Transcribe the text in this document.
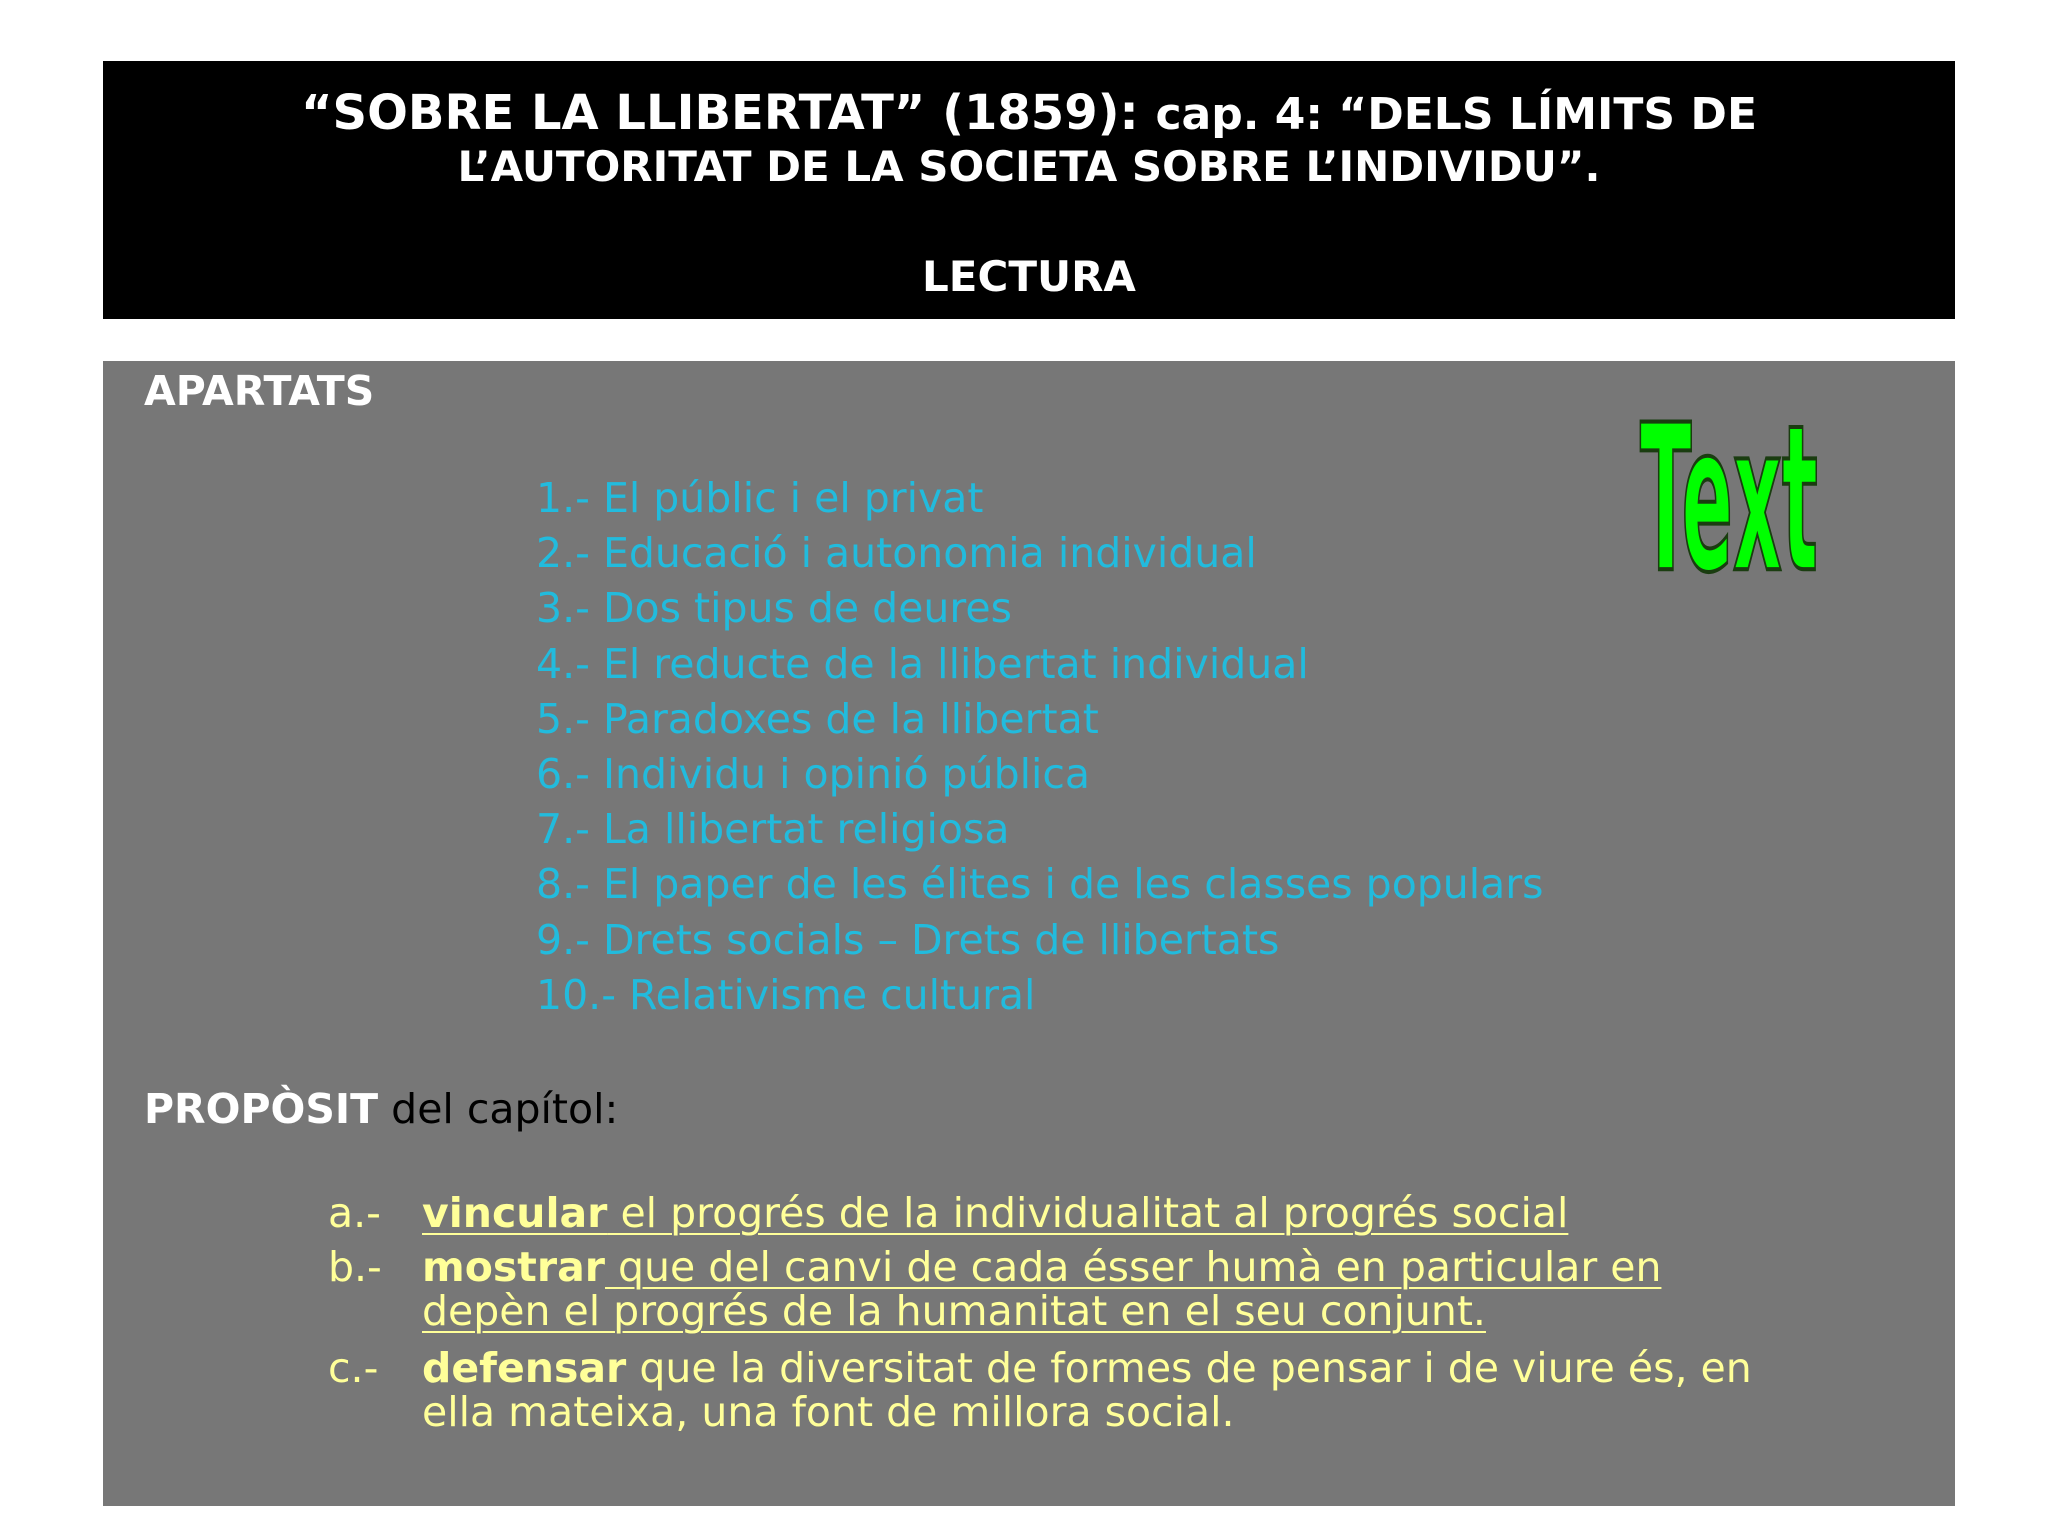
“SOBRE LA LLIBERTAT” (1859): cap. 4: “DELS LÍMITS DE
L’AUTORITAT DE LA SOCIETA SOBRE L’INDIVIDU”.
LECTURA
APARTATS
1.- El públic i el privat
2.- Educació i autonomia individual
3.- Dos tipus de deures
4.- El reducte de la llibertat individual
5.- Paradoxes de la llibertat
6.- Individu i opinió pública
7.- La llibertat religiosa
8.- El paper de les élites i de les classes populars
9.- Drets socials – Drets de llibertats
10.- Relativisme cultural
Text
PROPÒSIT del capítol:
a.- vincular el progrés de la individualitat al progrés social
b.- mostrar que del canvi de cada ésser humà en particular en
depèn el progrés de la humanitat en el seu conjunt.
c.- defensar que la diversitat de formes de pensar i de viure és, en
ella mateixa, una font de millora social.
